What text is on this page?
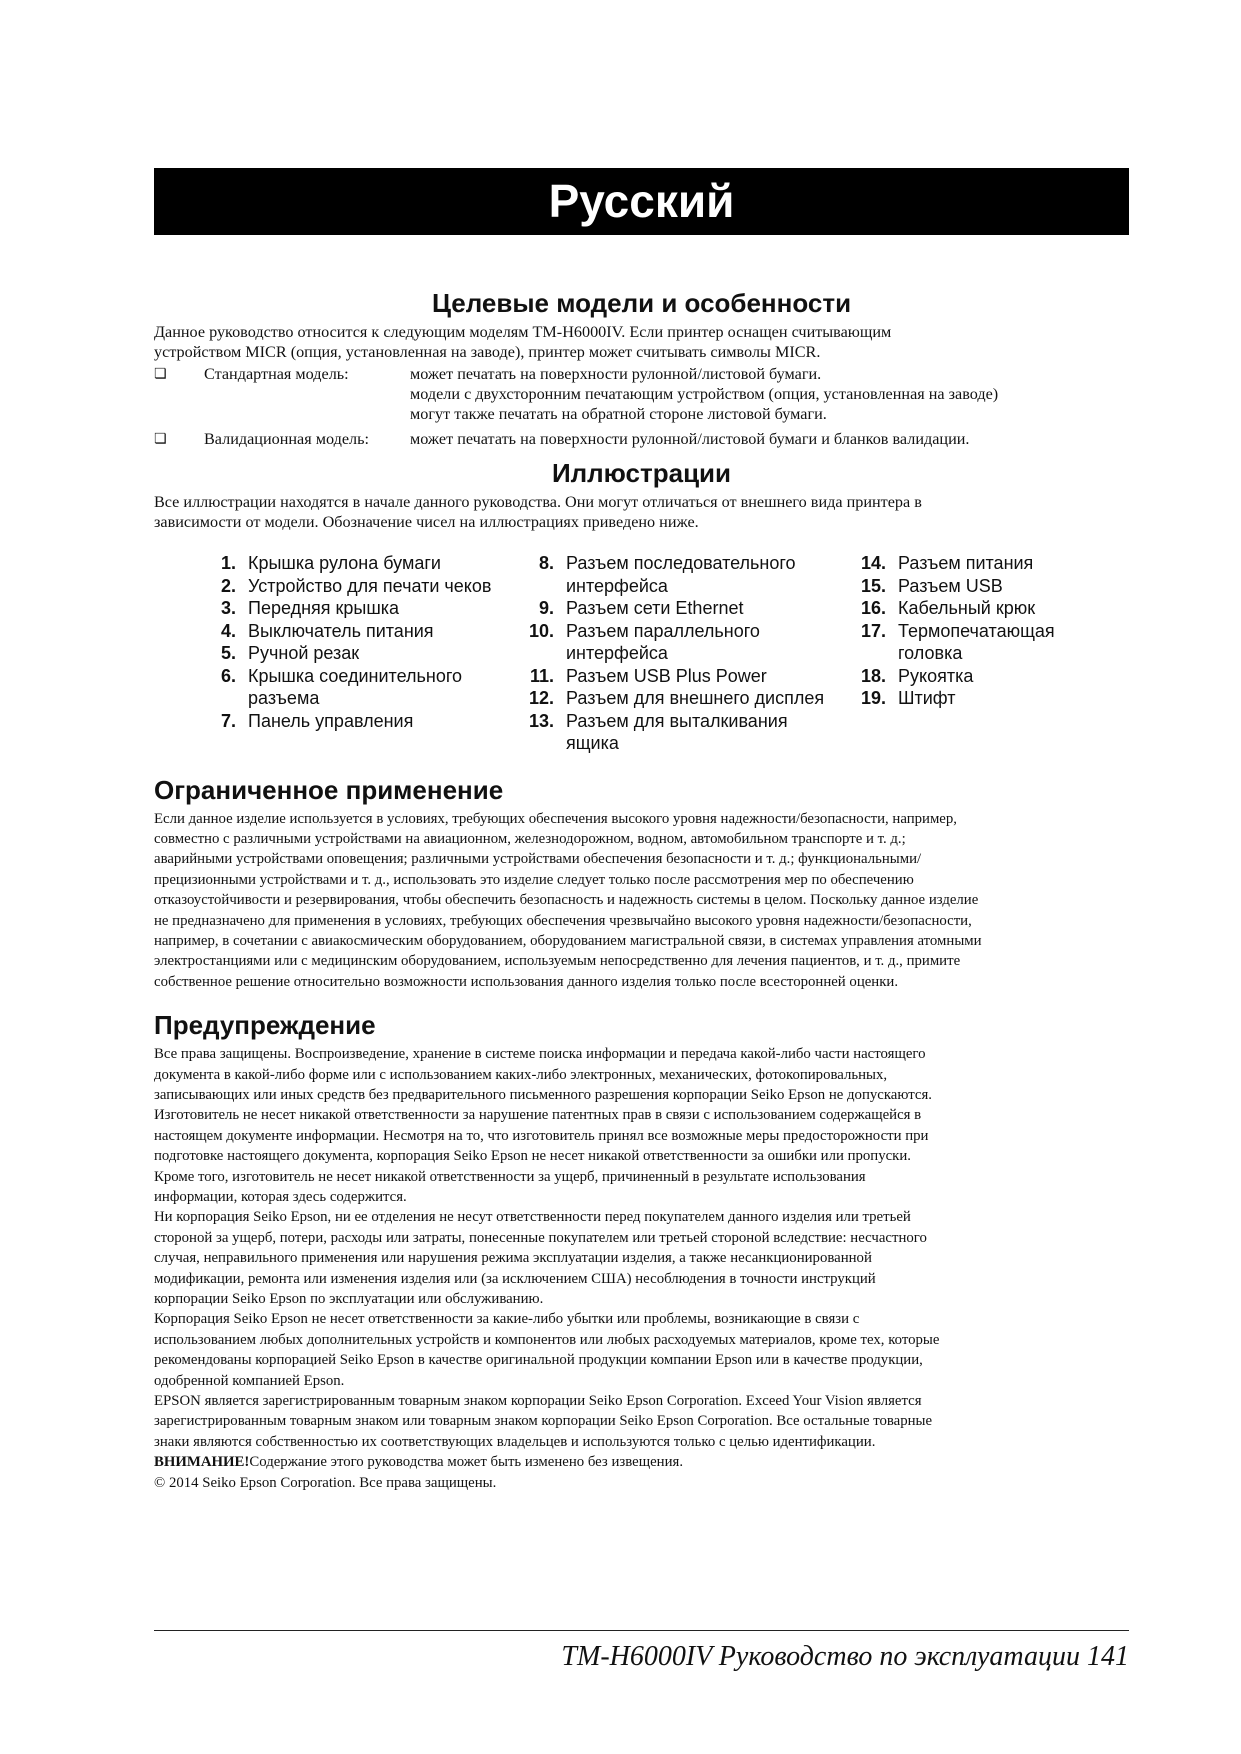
Русский
Целевые модели и особенности

Данное руководство относится к следующим моделям TM-H6000IV. Если принтер оснащен считывающим

устройством MICR (опция, установленная на заводе), принтер может считывать символы MICR.

❏	Стандартная модель:	может печатать на поверхности рулонной/листовой бумаги.
модели с двухсторонним печатающим устройством (опция, установленная на заводе)
могут также печатать на обратной стороне листовой бумаги.
❏	Валидационная модель:	может печатать на поверхности рулонной/листовой бумаги и бланков валидации.
Иллюстрации

Все иллюстрации находятся в начале данного руководства. Они могут отличаться от внешнего вида принтера в

зависимости от модели. Обозначение чисел на иллюстрациях приведено ниже.

1. Крышка рулона бумаги
2. Устройство для печати чеков
3. Передняя крышка
4. Выключатель питания
5. Ручной резак
6. Крышка соединительного
разъема
7. Панель управления
8. Разъем последовательного
интерфейса
9. Разъем сети Ethernet
10. Разъем параллельного
интерфейса
11. Разъем USB Plus Power
12. Разъем для внешнего дисплея
13. Разъем для выталкивания
ящика
14. Разъем питания
15. Разъем USB
16. Кабельный крюк
17. Термопечатающая
головка
18. Рукоятка
19. Штифт
Ограниченное применение

Если данное изделие используется в условиях, требующих обеспечения высокого уровня надежности/безопасности, например,

совместно с различными устройствами на авиационном, железнодорожном, водном, автомобильном транспорте и т. д.;

аварийными устройствами оповещения; различными устройствами обеспечения безопасности и т. д.; функциональными/

прецизионными устройствами и т. д., использовать это изделие следует только после рассмотрения мер по обеспечению

отказоустойчивости и резервирования, чтобы обеспечить безопасность и надежность системы в целом. Поскольку данное изделие

не предназначено для применения в условиях, требующих обеспечения чрезвычайно высокого уровня надежности/безопасности,

например, в сочетании с авиакосмическим оборудованием, оборудованием магистральной связи, в системах управления атомными

электростанциями или с медицинским оборудованием, используемым непосредственно для лечения пациентов, и т. д., примите

собственное решение относительно возможности использования данного изделия только после всесторонней оценки.

Предупреждение

Все права защищены. Воспроизведение, хранение в системе поиска информации и передача какой-либо части настоящего

документа в какой-либо форме или с использованием каких-либо электронных, механических, фотокопировальных,

записывающих или иных средств без предварительного письменного разрешения корпорации Seiko Epson не допускаются.

Изготовитель не несет никакой ответственности за нарушение патентных прав в связи с использованием содержащейся в

настоящем документе информации. Несмотря на то, что изготовитель принял все возможные меры предосторожности при

подготовке настоящего документа, корпорация Seiko Epson не несет никакой ответственности за ошибки или пропуски.

Кроме того, изготовитель не несет никакой ответственности за ущерб, причиненный в результате использования

информации, которая здесь содержится.

Ни корпорация Seiko Epson, ни ее отделения не несут ответственности перед покупателем данного изделия или третьей

стороной за ущерб, потери, расходы или затраты, понесенные покупателем или третьей стороной вследствие: несчастного

случая, неправильного применения или нарушения режима эксплуатации изделия, а также несанкционированной

модификации, ремонта или изменения изделия или (за исключением США) несоблюдения в точности инструкций

корпорации Seiko Epson по эксплуатации или обслуживанию.

Корпорация Seiko Epson не несет ответственности за какие-либо убытки или проблемы, возникающие в связи с

использованием любых дополнительных устройств и компонентов или любых расходуемых материалов, кроме тех, которые

рекомендованы корпорацией Seiko Epson в качестве оригинальной продукции компании Epson или в качестве продукции,

одобренной компанией Epson.

EPSON является зарегистрированным товарным знаком корпорации Seiko Epson Corporation. Exceed Your Vision является

зарегистрированным товарным знаком или товарным знаком корпорации Seiko Epson Corporation. Все остальные товарные

знаки являются собственностью их соответствующих владельцев и используются только с целью идентификации.

ВНИМАНИЕ!Содержание этого руководства может быть изменено без извещения.

© 2014 Seiko Epson Corporation. Все права защищены.

TM-H6000IV Руководство по эксплуатации 141
